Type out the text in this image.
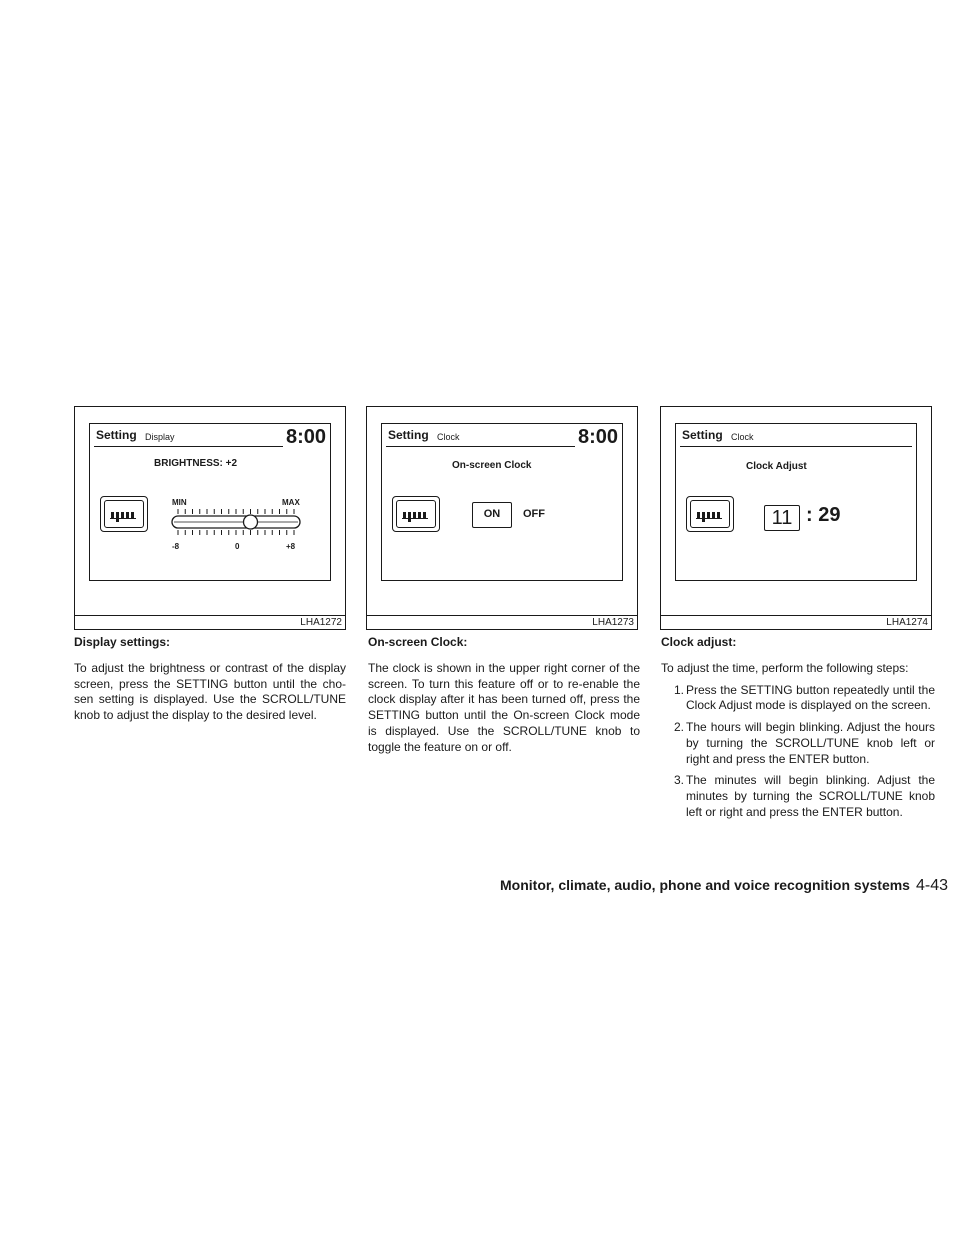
Setting Display	8:00
BRIGHTNESS: +2
MIN	MAX
-8	0	+8
LHA1272
Setting Clock	8:00
On-screen Clock
ON	OFF
LHA1273
Setting Clock
Clock Adjust
11 : 29
LHA1274
Display settings:

To adjust the brightness or contrast of the display screen, press the SETTING button until the cho-sen setting is displayed. Use the SCROLL/TUNE knob to adjust the display to the desired level.

On-screen Clock:

The clock is shown in the upper right corner of the screen. To turn this feature off or to re-enable the clock display after it has been turned off, press the SETTING button until the On-screen Clock mode is displayed. Use the SCROLL/TUNE knob to toggle the feature on or off.

Clock adjust:

To adjust the time, perform the following steps:

1. Press the SETTING button repeatedly until the Clock Adjust mode is displayed on the screen.
2. The hours will begin blinking. Adjust the hours by turning the SCROLL/TUNE knob left or right and press the ENTER button.
3. The minutes will begin blinking. Adjust the minutes by turning the SCROLL/TUNE knob left or right and press the ENTER button.
Monitor, climate, audio, phone and voice recognition systems 4-43
